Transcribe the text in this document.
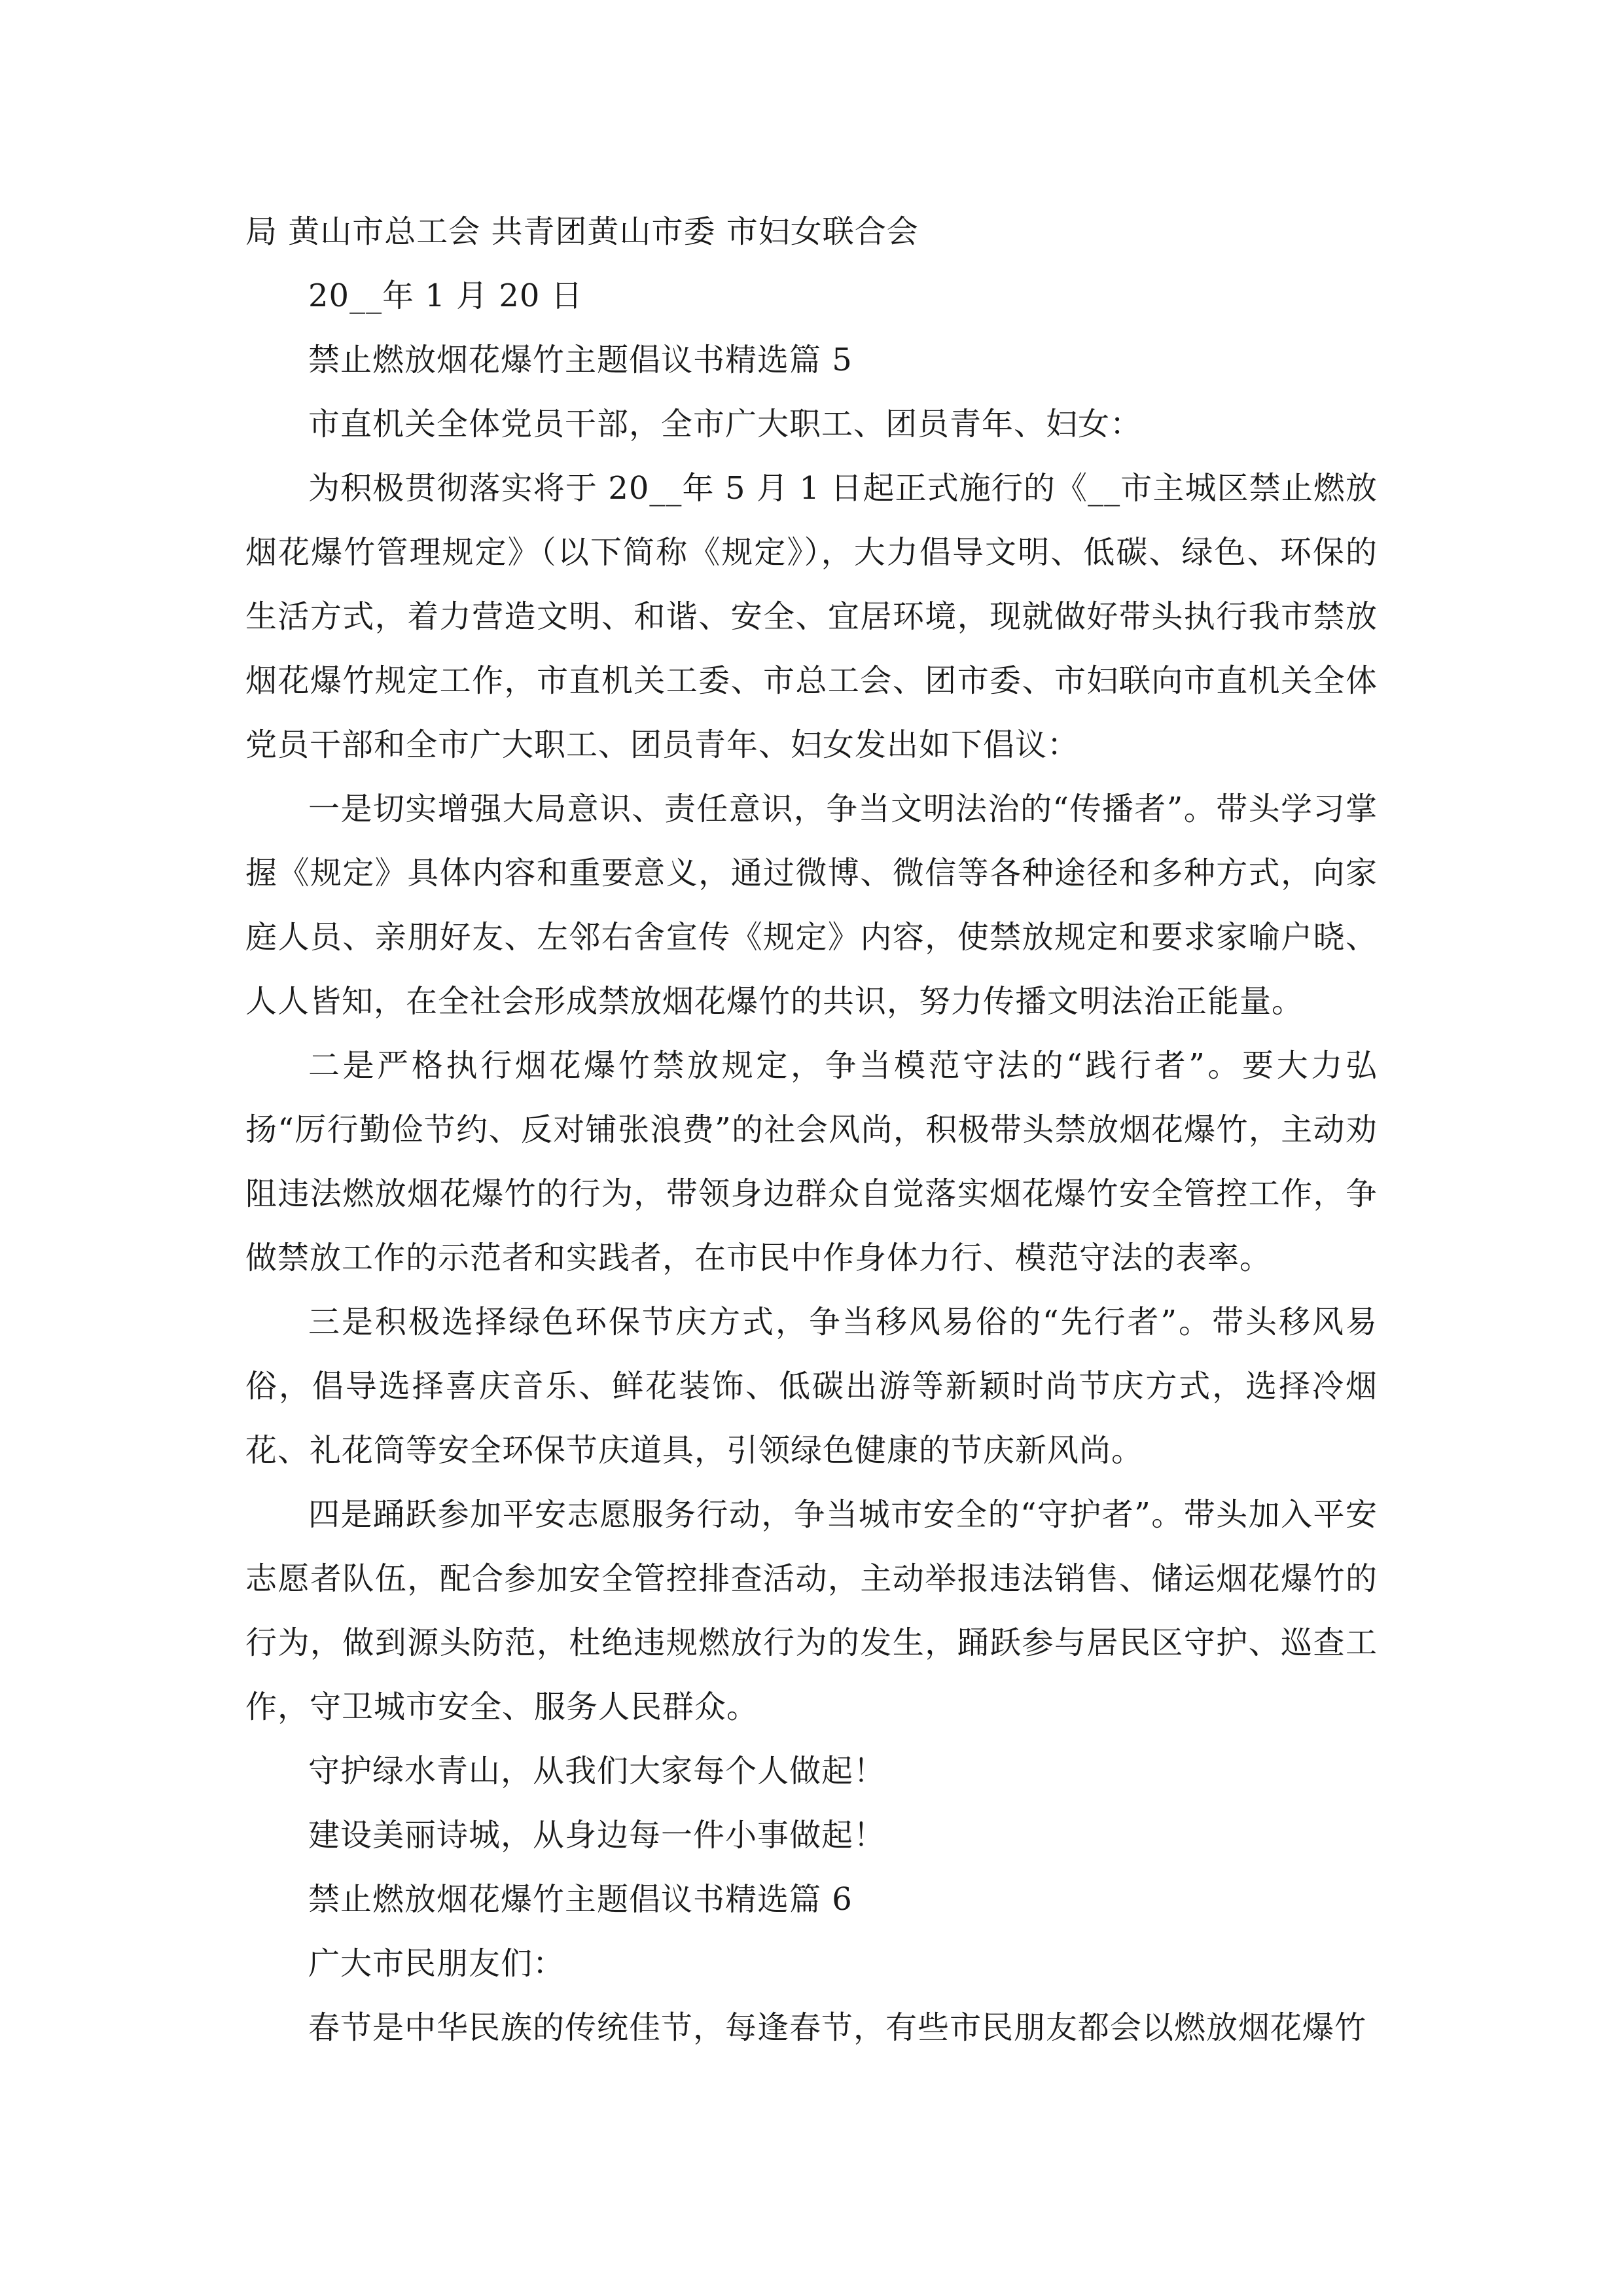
局 黄山市总工会 共青团黄山市委 市妇女联合会
20__年 1 月 20 日
禁止燃放烟花爆竹主题倡议书精选篇 5
市直机关全体党员干部，全市广大职工、团员青年、妇女：

为积极贯彻落实将于 20__年 5 月 1 日起正式施行的《__市主城区禁止燃放烟花爆竹管理规定》（以下简称《规定》），大力倡导文明、低碳、绿色、环保的生活方式，着力营造文明、和谐、安全、宜居环境，现就做好带头执行我市禁放烟花爆竹规定工作，市直机关工委、市总工会、团市委、市妇联向市直机关全体党员干部和全市广大职工、团员青年、妇女发出如下倡议：

一是切实增强大局意识、责任意识，争当文明法治的“传播者”。带头学习掌握《规定》具体内容和重要意义，通过微博、微信等各种途径和多种方式，向家庭人员、亲朋好友、左邻右舍宣传《规定》内容，使禁放规定和要求家喻户晓、人人皆知，在全社会形成禁放烟花爆竹的共识，努力传播文明法治正能量。

二是严格执行烟花爆竹禁放规定，争当模范守法的“践行者”。要大力弘扬“厉行勤俭节约、反对铺张浪费”的社会风尚，积极带头禁放烟花爆竹，主动劝阻违法燃放烟花爆竹的行为，带领身边群众自觉落实烟花爆竹安全管控工作，争做禁放工作的示范者和实践者，在市民中作身体力行、模范守法的表率。

三是积极选择绿色环保节庆方式，争当移风易俗的“先行者”。带头移风易俗，倡导选择喜庆音乐、鲜花装饰、低碳出游等新颖时尚节庆方式，选择冷烟花、礼花筒等安全环保节庆道具，引领绿色健康的节庆新风尚。

四是踊跃参加平安志愿服务行动，争当城市安全的“守护者”。带头加入平安志愿者队伍，配合参加安全管控排查活动，主动举报违法销售、储运烟花爆竹的行为，做到源头防范，杜绝违规燃放行为的发生，踊跃参与居民区守护、巡查工作，守卫城市安全、服务人民群众。

守护绿水青山，从我们大家每个人做起！
建设美丽诗城，从身边每一件小事做起！
禁止燃放烟花爆竹主题倡议书精选篇 6
广大市民朋友们：
春节是中华民族的传统佳节，每逢春节，有些市民朋友都会以燃放烟花爆竹
